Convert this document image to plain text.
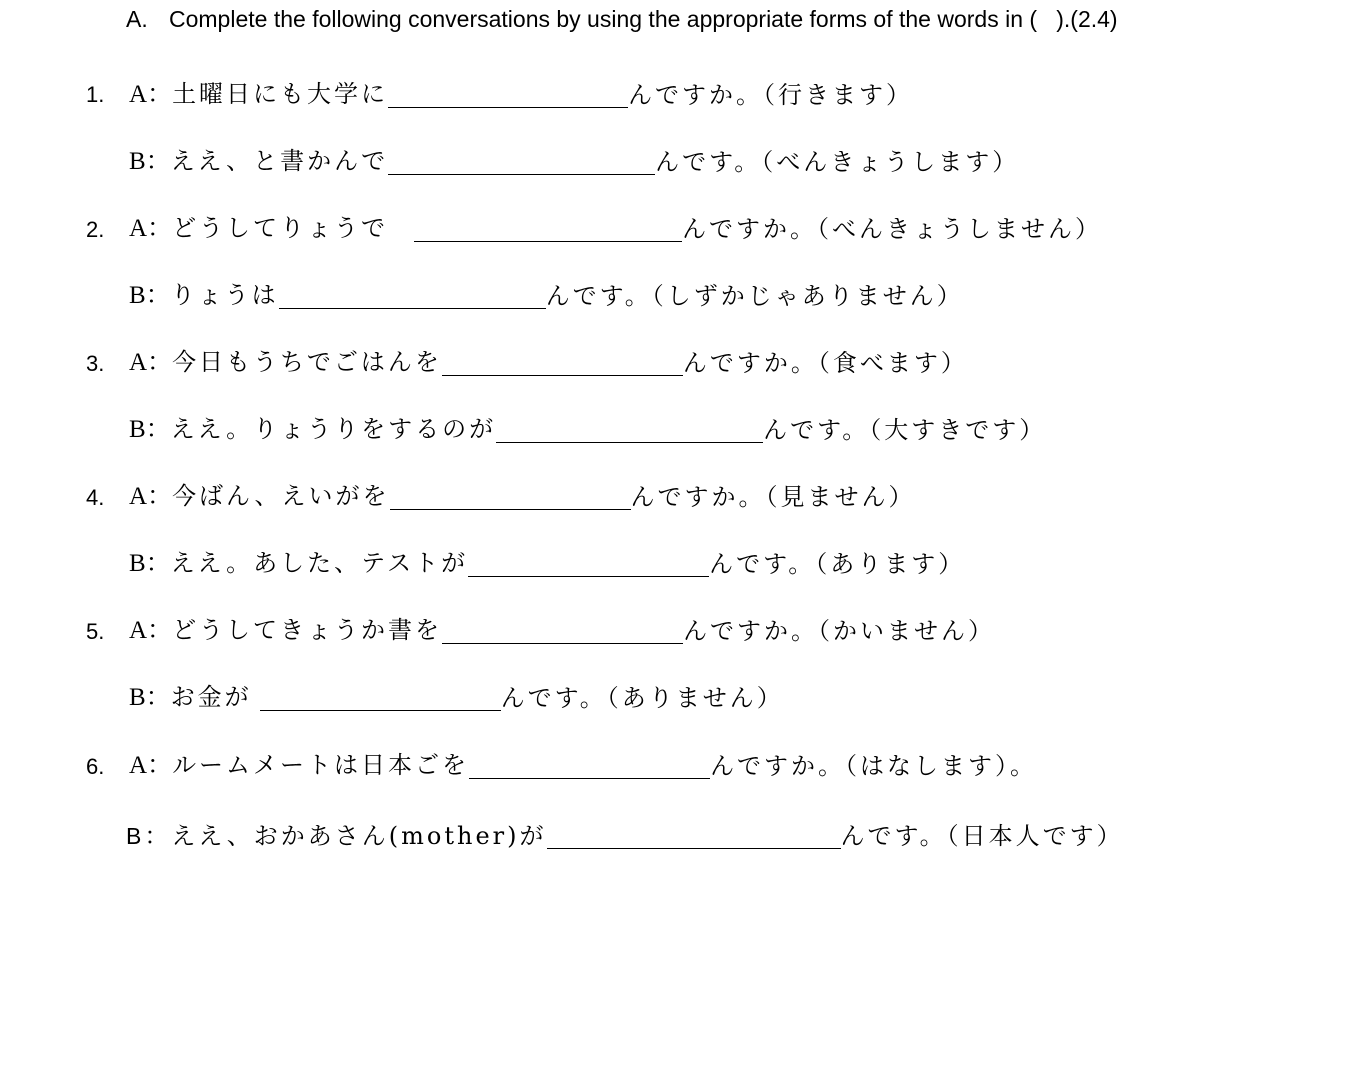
A. Complete the following conversations by using the appropriate forms of the words in (   ).(2.4)
1. A：土曜日にも大学に	んですか。（行きます）
B：ええ、と書かんで	んです。（べんきょうします）
2. A：どうしてりょうで	んですか。（べんきょうしません）
B：りょうは	んです。（しずかじゃありません）
3. A：今日もうちでごはんを	んですか。（食べます）
B：ええ。りょうりをするのが	んです。（大すきです）
4. A：今ばん、えいがを	んですか。（見ません）
B：ええ。あした、テストが	んです。（あります）
5. A：どうしてきょうか書を	んですか。（かいません）
B：お金が	んです。（ありません）
6. A：ルームメートは日本ごを	んですか。（はなします）。
B：ええ、おかあさん(mother)が	んです。（日本人です）
